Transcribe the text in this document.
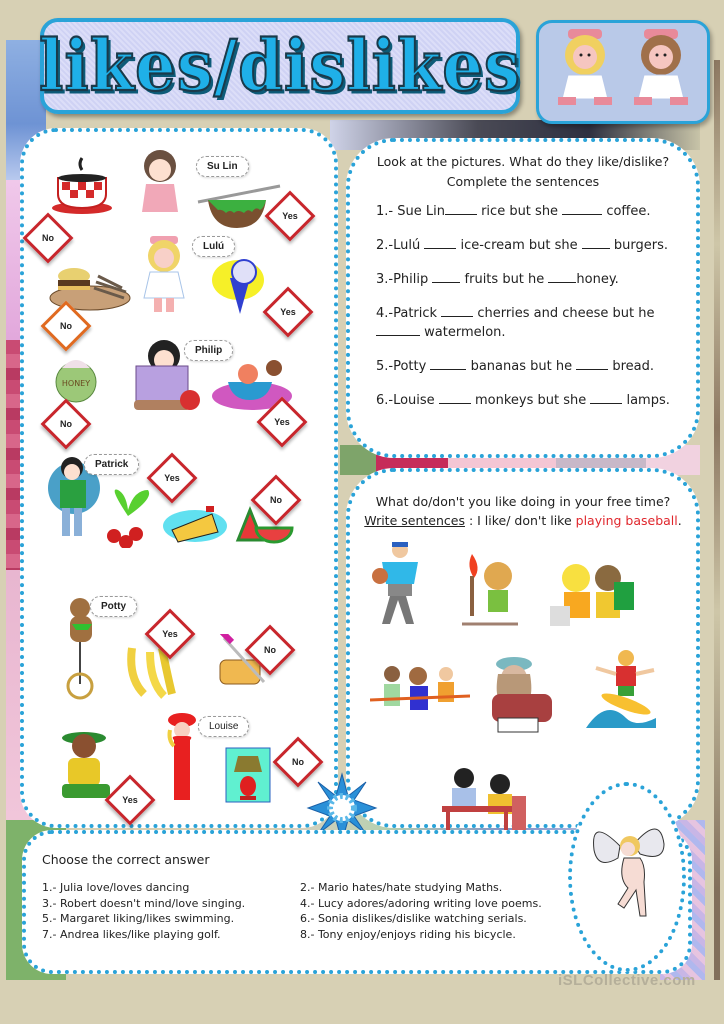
likes/dislikes
Su Lin
No
Yes
Lulú
No
Yes
HONEY
Philip
No	Yes
Patrick
Yes
No
Potty
Yes
No
Louise
Yes
No
Look at the pictures. What do they like/dislike?
Complete the sentences
1.- Sue Lin rice but she	coffee.
2.-Lulú  ice-cream but she  burgers.
3.-Philip  fruits but he honey.
4.-Patrick  cherries and cheese but he
watermelon.
5.-Potty	bananas but he  bread.
6.-Louise  monkeys but she  lamps.
What do/don't you like doing in your free time?
Write sentences : I like/ don't like playing baseball.
Choose the correct answer
1.- Julia love/loves dancing
3.- Robert doesn't mind/love singing.
5.- Margaret liking/likes swimming.
7.- Andrea likes/like playing golf.
2.- Mario hates/hate studying Maths.
4.- Lucy adores/adoring writing love poems.
6.- Sonia dislikes/dislike watching serials.
8.- Tony enjoy/enjoys riding his bicycle.
iSLCollective.com
